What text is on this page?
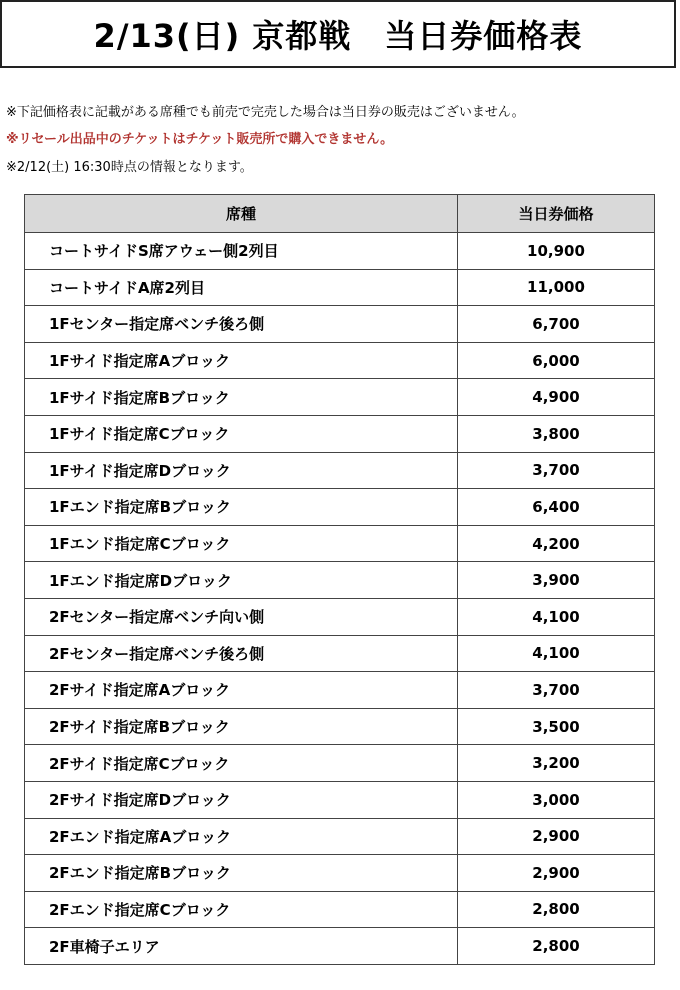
2/13(日) 京都戦　当日券価格表
※下記価格表に記載がある席種でも前売で完売した場合は当日券の販売はございません。
※リセール出品中のチケットはチケット販売所で購入できません。
※2/12(土) 16:30時点の情報となります。
席種	当日券価格
コートサイドS席アウェー側2列目	10,900
コートサイドA席2列目	11,000
1Fセンター指定席ベンチ後ろ側	6,700
1Fサイド指定席Aブロック	6,000
1Fサイド指定席Bブロック	4,900
1Fサイド指定席Cブロック	3,800
1Fサイド指定席Dブロック	3,700
1Fエンド指定席Bブロック	6,400
1Fエンド指定席Cブロック	4,200
1Fエンド指定席Dブロック	3,900
2Fセンター指定席ベンチ向い側	4,100
2Fセンター指定席ベンチ後ろ側	4,100
2Fサイド指定席Aブロック	3,700
2Fサイド指定席Bブロック	3,500
2Fサイド指定席Cブロック	3,200
2Fサイド指定席Dブロック	3,000
2Fエンド指定席Aブロック	2,900
2Fエンド指定席Bブロック	2,900
2Fエンド指定席Cブロック	2,800
2F車椅子エリア	2,800
